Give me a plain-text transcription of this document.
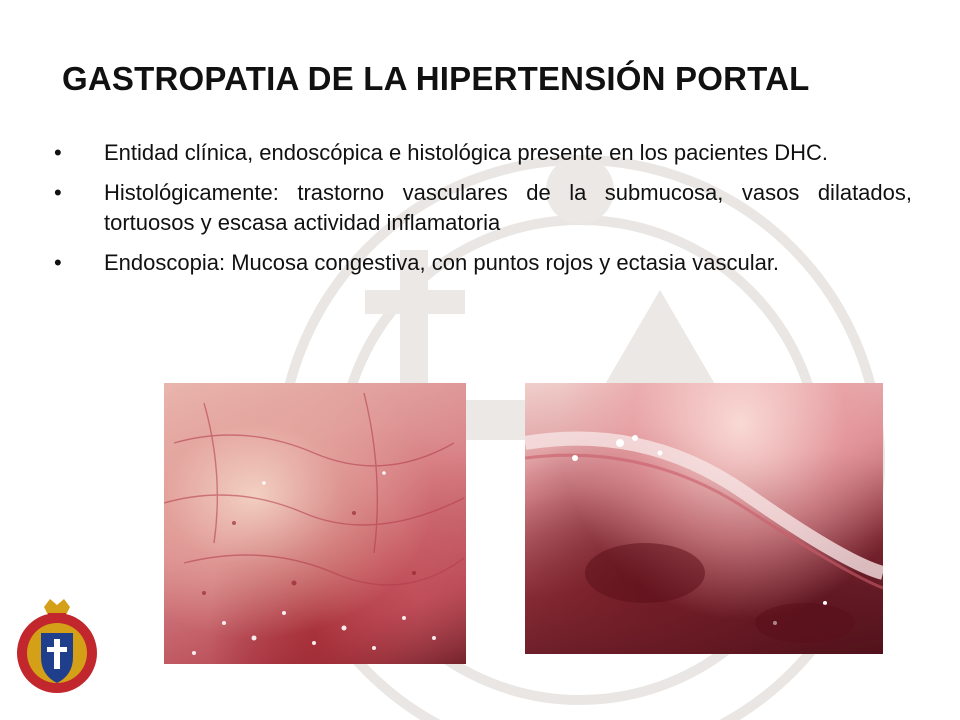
GASTROPATIA DE LA HIPERTENSIÓN PORTAL
• Entidad clínica, endoscópica e histológica presente en los pacientes DHC.
• Histológicamente: trastorno vasculares de la submucosa, vasos dilatados, tortuosos y escasa actividad inflamatoria
• Endoscopia: Mucosa congestiva, con puntos rojos y ectasia vascular.
